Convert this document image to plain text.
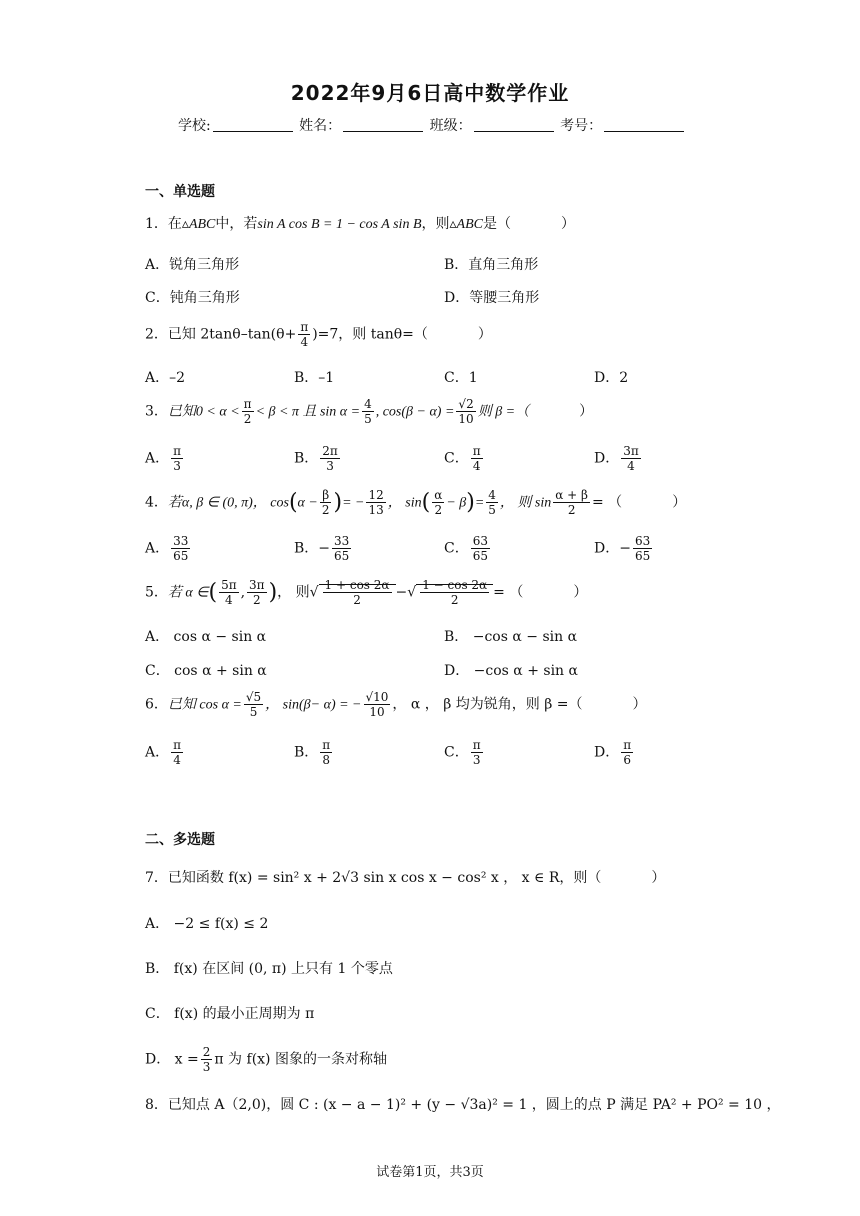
2022年9月6日高中数学作业
学校:	姓名：	班级：	考号：
一、单选题
1．在▵ABC中，若sin A cos B = 1 − cos A sin B，则▵ABC是（	）
A．锐角三角形	B．直角三角形
C．钝角三角形	D．等腰三角形
2．已知 $2\tan\theta-\tan(\theta+ \frac{\pi}{4} )=7$，则 tanθ=（	）
A．–2	B．–1	C．1	D．2
3．已知$0 < \alpha < \frac{\pi}{2} < \beta < \pi$ 且 $\sin \alpha = \frac{4}{5}$ , $\cos(\beta - \alpha) = \frac{√2}{10}$ 则 β =（	）
A． $\frac{\pi}{3}$	B． $\frac{2\pi}{3}$	C． $\frac{\pi}{4}$	D． $\frac{3\pi}{4}$
4．若α, β ∈ (0, π)， $\cos(\alpha - \frac{\beta}{2}$ )= − $\frac{12}{13}$ ， $\sin( \frac{\alpha}{2} - \beta)= \frac{4}{5}$ ， 则 $\sin \frac{\alpha + \beta}{2}$ = （	）
A． $\frac{33}{65}$	B．− $\frac{33}{65}$	C． $\frac{63}{65}$	D．− $\frac{63}{65}$
5．若 α ∈( $\frac{5\pi}{4}$ , $\frac{3\pi}{2}$ )， 则√ $\frac{1 + \cos 2\alpha}{2}$ −√ $\frac{1 - \cos 2\alpha}{2}$ = （	）
A． cos α − sin α	B． −cos α − sin α
C． cos α + sin α	D． −cos α + sin α
6．已知 $\cos \alpha = \frac{√5}{5}$ ， sin(β− α) = − $\frac{√10}{10}$ ， α ， β 均为锐角，则 β =（	）
A． $\frac{\pi}{4}$	B． $\frac{\pi}{8}$	C． $\frac{\pi}{3}$	D． $\frac{\pi}{6}$
二、多选题
7．已知函数 f(x) = sin² x + 2√3 sin x cos x − cos² x ， x ∈ R，则（	）
A． −2 ≤ f(x) ≤ 2
B． f(x) 在区间 (0, π) 上只有 1 个零点
C． f(x) 的最小正周期为 π
D． $x = \frac{2}{3}$ π 为 f(x) 图象的一条对称轴
8．已知点 A（2,0)，圆 C : (x − a − 1)² + (y − √3a)² = 1 ，圆上的点 P 满足 PA² + PO² = 10 ，
试卷第1页，共3页
